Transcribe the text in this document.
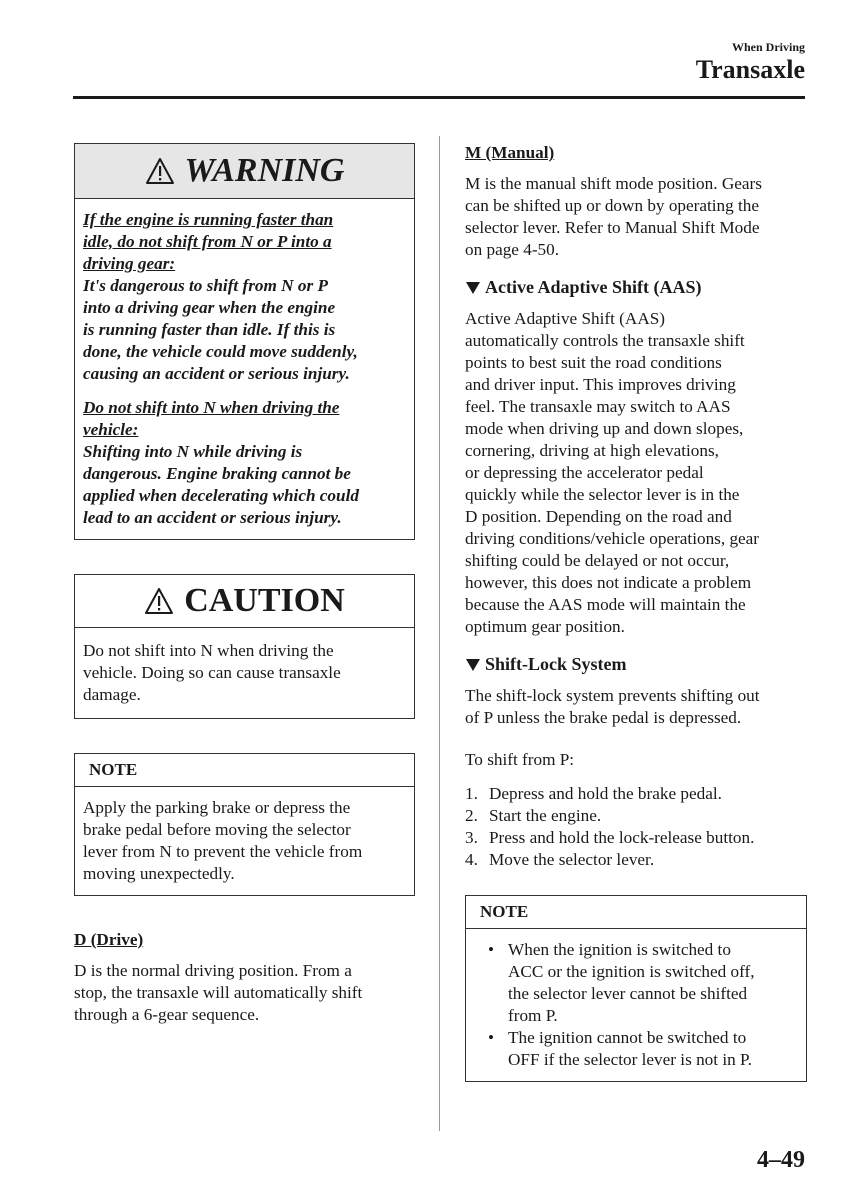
When Driving
Transaxle
WARNING

If the engine is running faster than

idle, do not shift from N or P into a

driving gear:

It's dangerous to shift from N or P

into a driving gear when the engine

is running faster than idle. If this is

done, the vehicle could move suddenly,

causing an accident or serious injury.

Do not shift into N when driving the

vehicle:

Shifting into N while driving is

dangerous. Engine braking cannot be

applied when decelerating which could

lead to an accident or serious injury.

CAUTION
Do not shift into N when driving the
vehicle. Doing so can cause transaxle
damage.
NOTE
Apply the parking brake or depress the
brake pedal before moving the selector
lever from N to prevent the vehicle from
moving unexpectedly.

D (Drive)

D is the normal driving position. From a

stop, the transaxle will automatically shift

through a 6-gear sequence.

M (Manual)

M is the manual shift mode position. Gears

can be shifted up or down by operating the

selector lever. Refer to Manual Shift Mode

on page 4-50.

Active Adaptive Shift (AAS)

Active Adaptive Shift (AAS)

automatically controls the transaxle shift

points to best suit the road conditions

and driver input. This improves driving

feel. The transaxle may switch to AAS

mode when driving up and down slopes,

cornering, driving at high elevations,

or depressing the accelerator pedal

quickly while the selector lever is in the

D position. Depending on the road and

driving conditions/vehicle operations, gear

shifting could be delayed or not occur,

however, this does not indicate a problem

because the AAS mode will maintain the

optimum gear position.

Shift-Lock System

The shift-lock system prevents shifting out

of P unless the brake pedal is depressed.

To shift from P:

1. Depress and hold the brake pedal.
2. Start the engine.
3. Press and hold the lock-release button.
4. Move the selector lever.
NOTE
• When the ignition is switched to
ACC or the ignition is switched off,
the selector lever cannot be shifted
from P.
• The ignition cannot be switched to
OFF if the selector lever is not in P.
4–49
